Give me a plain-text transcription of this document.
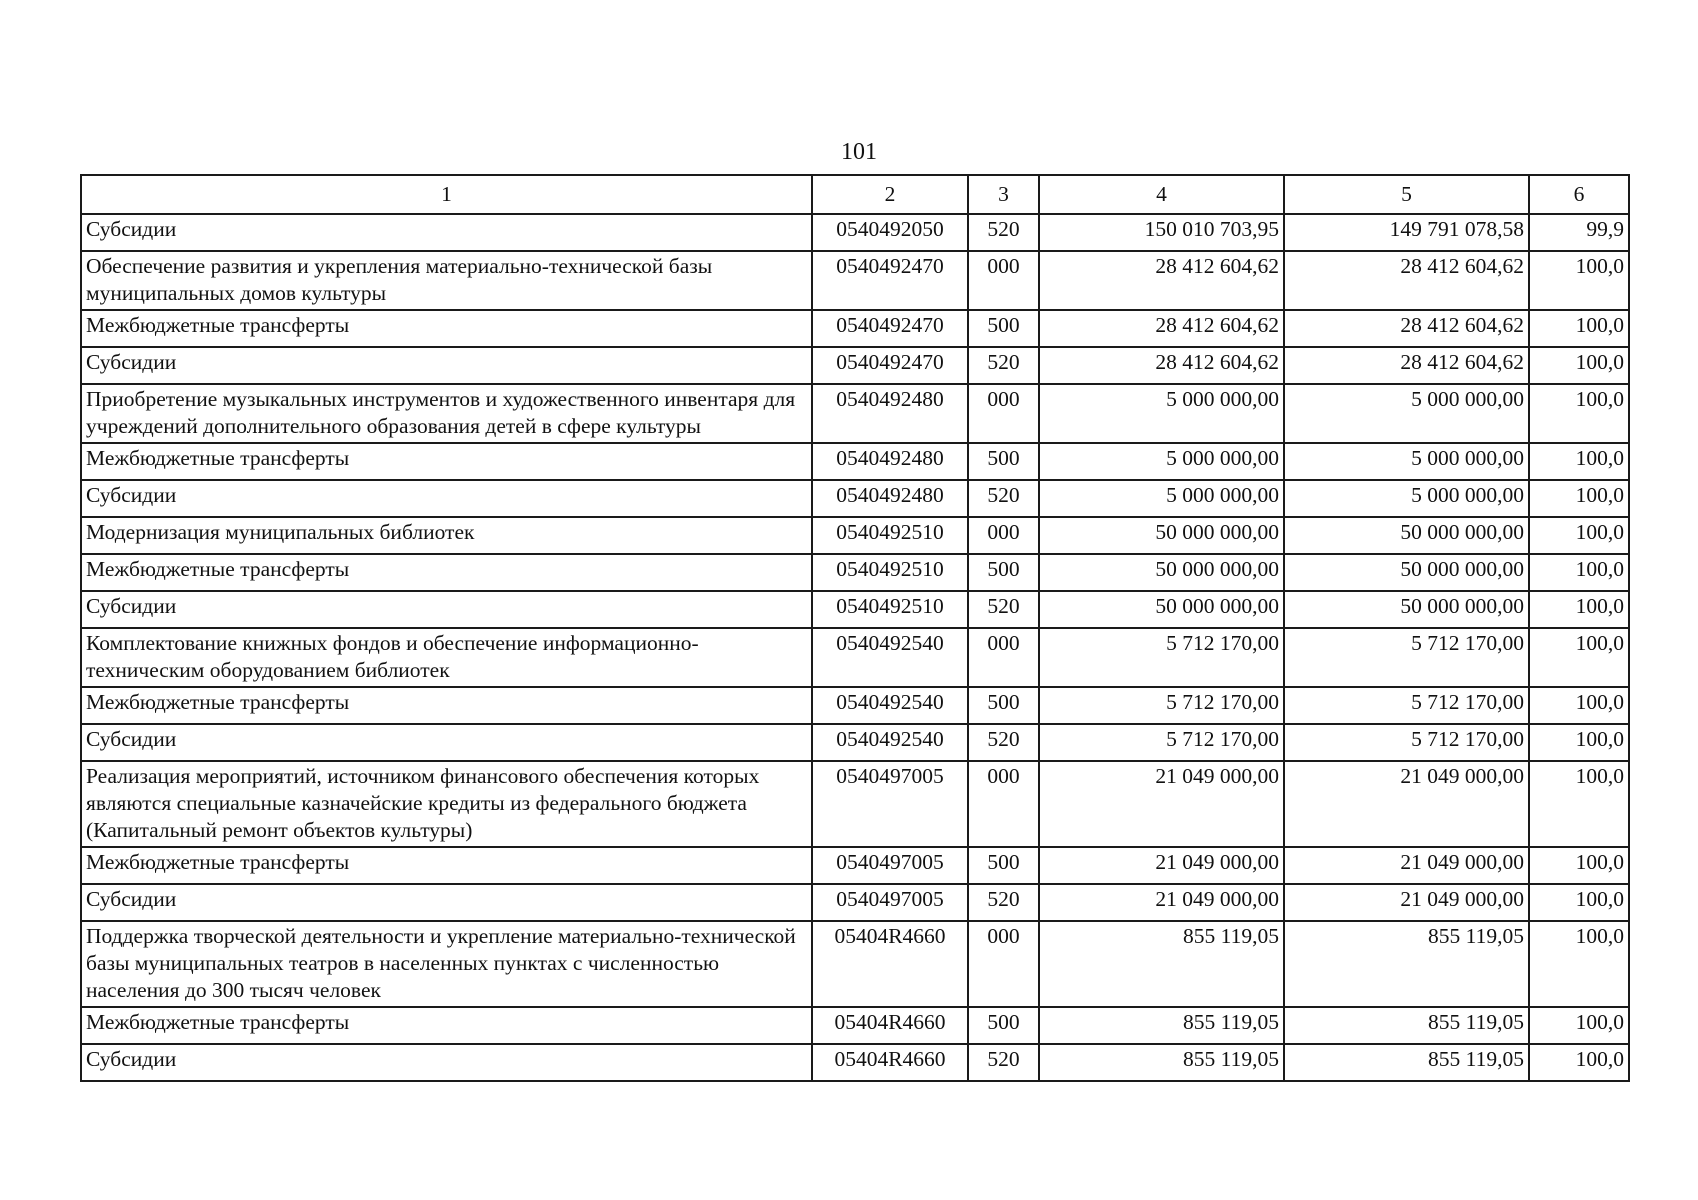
101
1	2	3	4	5	6
Субсидии	0540492050	520	150 010 703,95	149 791 078,58	99,9
Обеспечение развития и укрепления материально-технической базы муниципальных домов культуры	0540492470	000	28 412 604,62	28 412 604,62	100,0
Межбюджетные трансферты	0540492470	500	28 412 604,62	28 412 604,62	100,0
Субсидии	0540492470	520	28 412 604,62	28 412 604,62	100,0
Приобретение музыкальных инструментов и художественного инвентаря для учреждений дополнительного образования детей в сфере культуры	0540492480	000	5 000 000,00	5 000 000,00	100,0
Межбюджетные трансферты	0540492480	500	5 000 000,00	5 000 000,00	100,0
Субсидии	0540492480	520	5 000 000,00	5 000 000,00	100,0
Модернизация муниципальных библиотек	0540492510	000	50 000 000,00	50 000 000,00	100,0
Межбюджетные трансферты	0540492510	500	50 000 000,00	50 000 000,00	100,0
Субсидии	0540492510	520	50 000 000,00	50 000 000,00	100,0
Комплектование книжных фондов и обеспечение информационно-техническим оборудованием библиотек	0540492540	000	5 712 170,00	5 712 170,00	100,0
Межбюджетные трансферты	0540492540	500	5 712 170,00	5 712 170,00	100,0
Субсидии	0540492540	520	5 712 170,00	5 712 170,00	100,0
Реализация мероприятий, источником финансового обеспечения которых являются специальные казначейские кредиты из федерального бюджета (Капитальный ремонт объектов культуры)	0540497005	000	21 049 000,00	21 049 000,00	100,0
Межбюджетные трансферты	0540497005	500	21 049 000,00	21 049 000,00	100,0
Субсидии	0540497005	520	21 049 000,00	21 049 000,00	100,0
Поддержка творческой деятельности и укрепление материально-технической базы муниципальных театров в населенных пунктах с численностью населения до 300 тысяч человек	05404R4660	000	855 119,05	855 119,05	100,0
Межбюджетные трансферты	05404R4660	500	855 119,05	855 119,05	100,0
Субсидии	05404R4660	520	855 119,05	855 119,05	100,0
